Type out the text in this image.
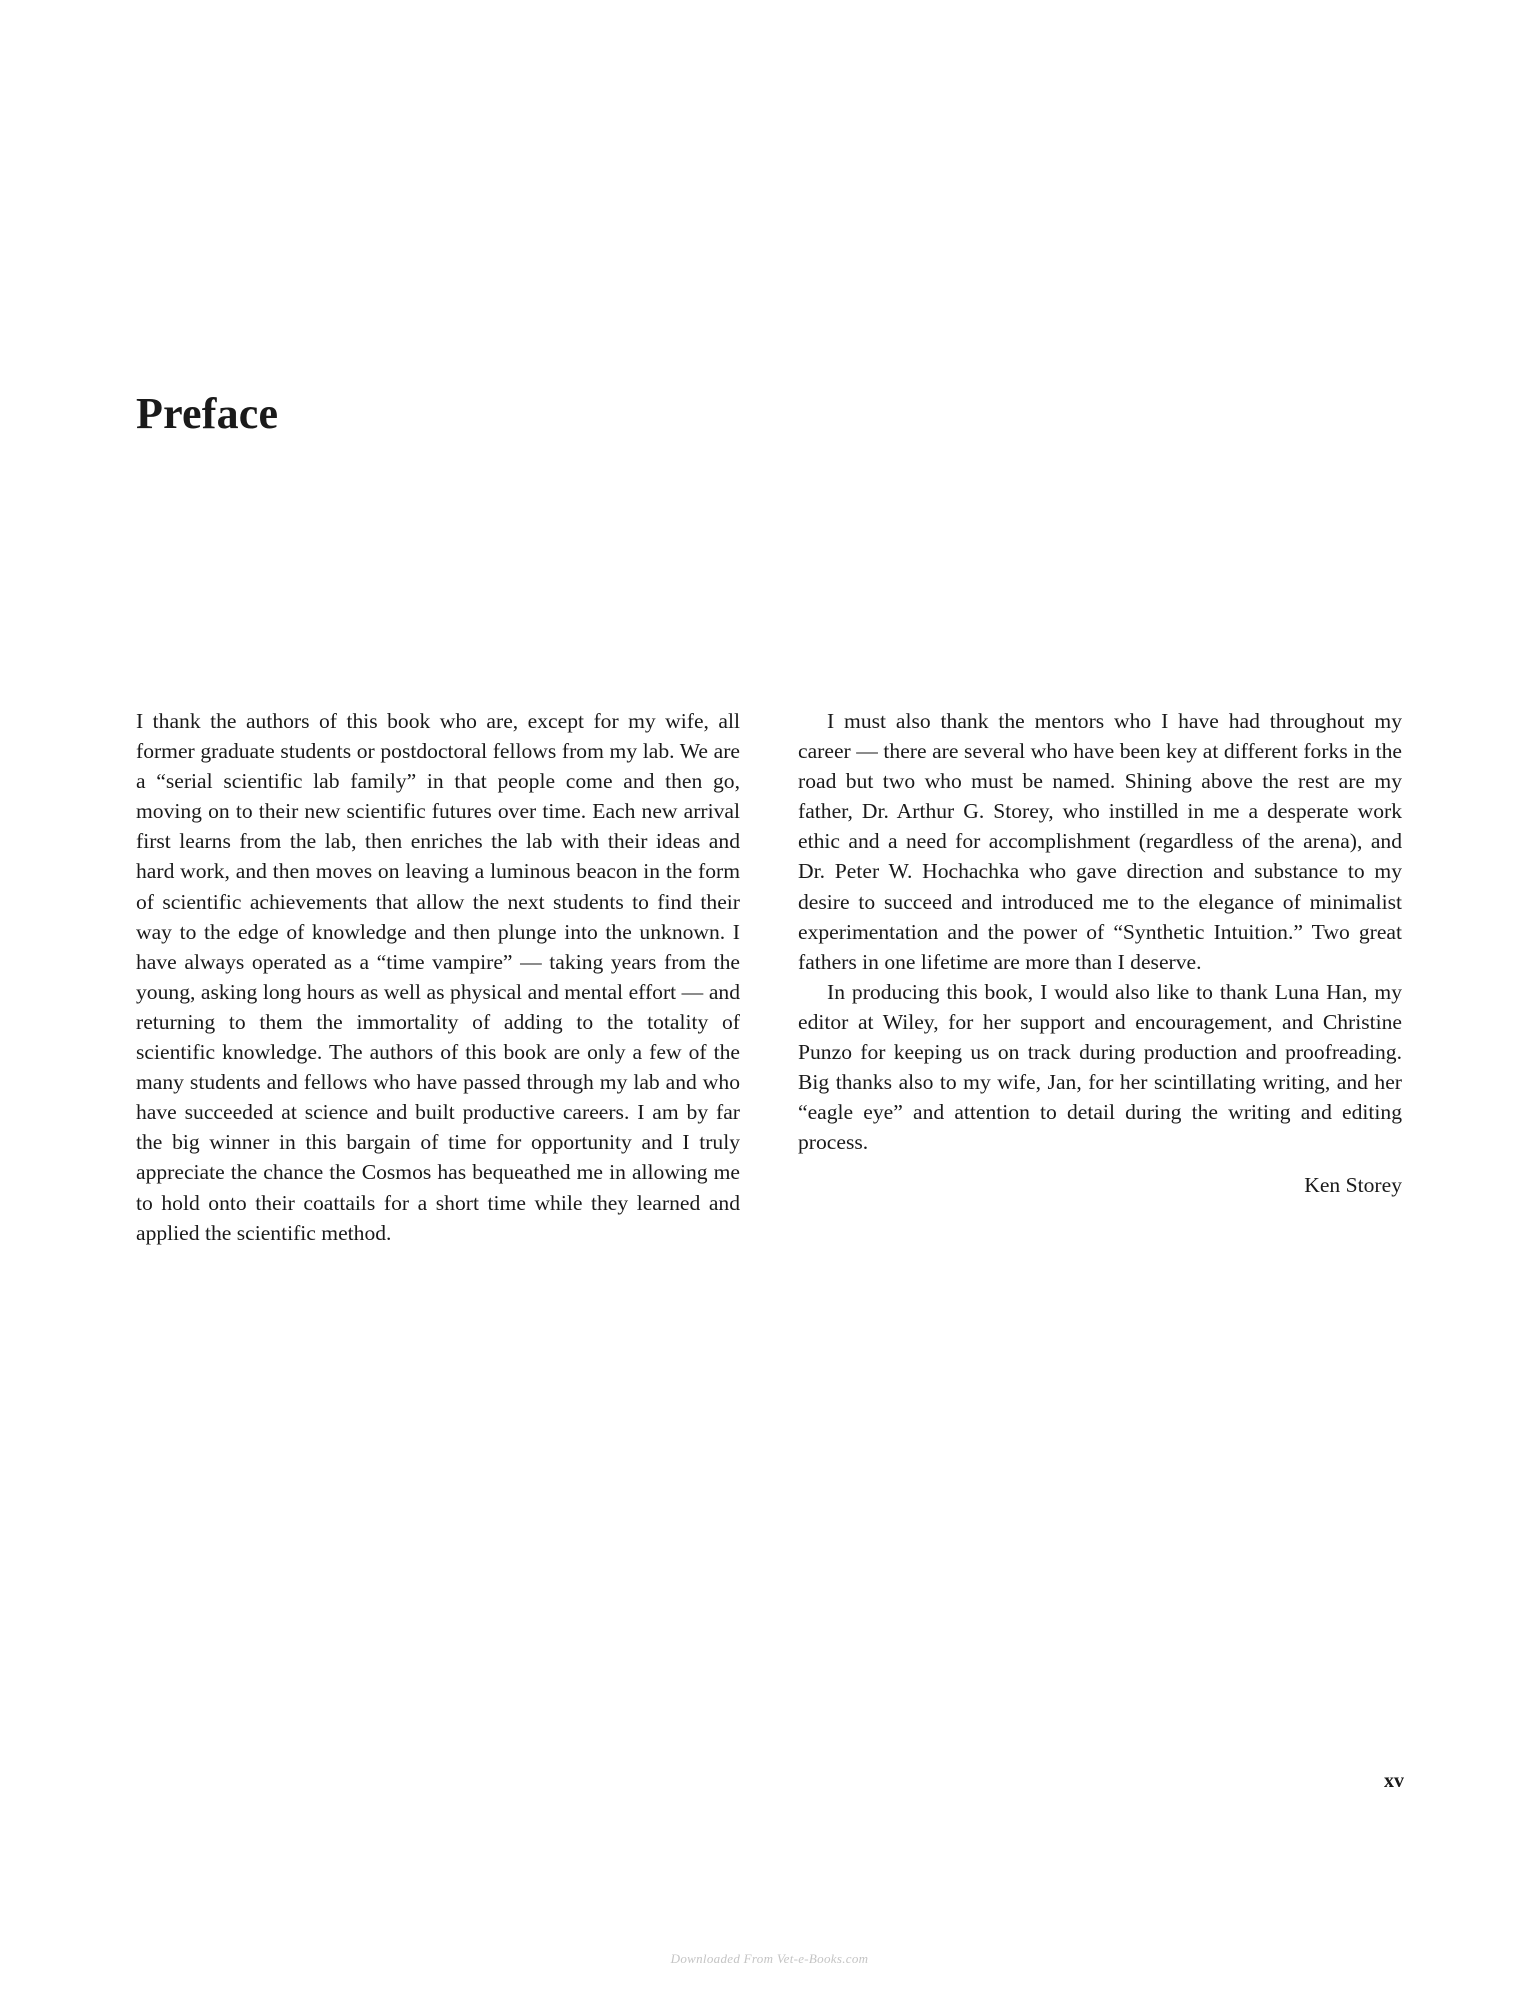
Preface

I thank the authors of this book who are, except for my wife, all former graduate students or postdoctoral fellows from my lab. We are a “serial scientific lab family” in that people come and then go, moving on to their new scientific futures over time. Each new arrival first learns from the lab, then enriches the lab with their ideas and hard work, and then moves on leaving a luminous beacon in the form of scientific achievements that allow the next students to find their way to the edge of knowledge and then plunge into the unknown. I have always operated as a “time vampire” — taking years from the young, asking long hours as well as physical and mental effort — and returning to them the immortality of adding to the totality of scientific knowledge. The authors of this book are only a few of the many students and fellows who have passed through my lab and who have succeeded at science and built productive careers. I am by far the big winner in this bargain of time for opportunity and I truly appreciate the chance the Cosmos has bequeathed me in allowing me to hold onto their coattails for a short time while they learned and applied the scientific method.

I must also thank the mentors who I have had throughout my career — there are several who have been key at different forks in the road but two who must be named. Shining above the rest are my father, Dr. Arthur G. Storey, who instilled in me a desperate work ethic and a need for accomplishment (regardless of the arena), and Dr. Peter W. Hochachka who gave direction and substance to my desire to succeed and introduced me to the elegance of minimalist experimentation and the power of “Synthetic Intuition.” Two great fathers in one lifetime are more than I deserve.

In producing this book, I would also like to thank Luna Han, my editor at Wiley, for her support and encouragement, and Christine Punzo for keeping us on track during production and proofreading. Big thanks also to my wife, Jan, for her scintillating writing, and her “eagle eye” and attention to detail during the writing and editing process.

Ken Storey
xv
Downloaded From Vet-e-Books.com
